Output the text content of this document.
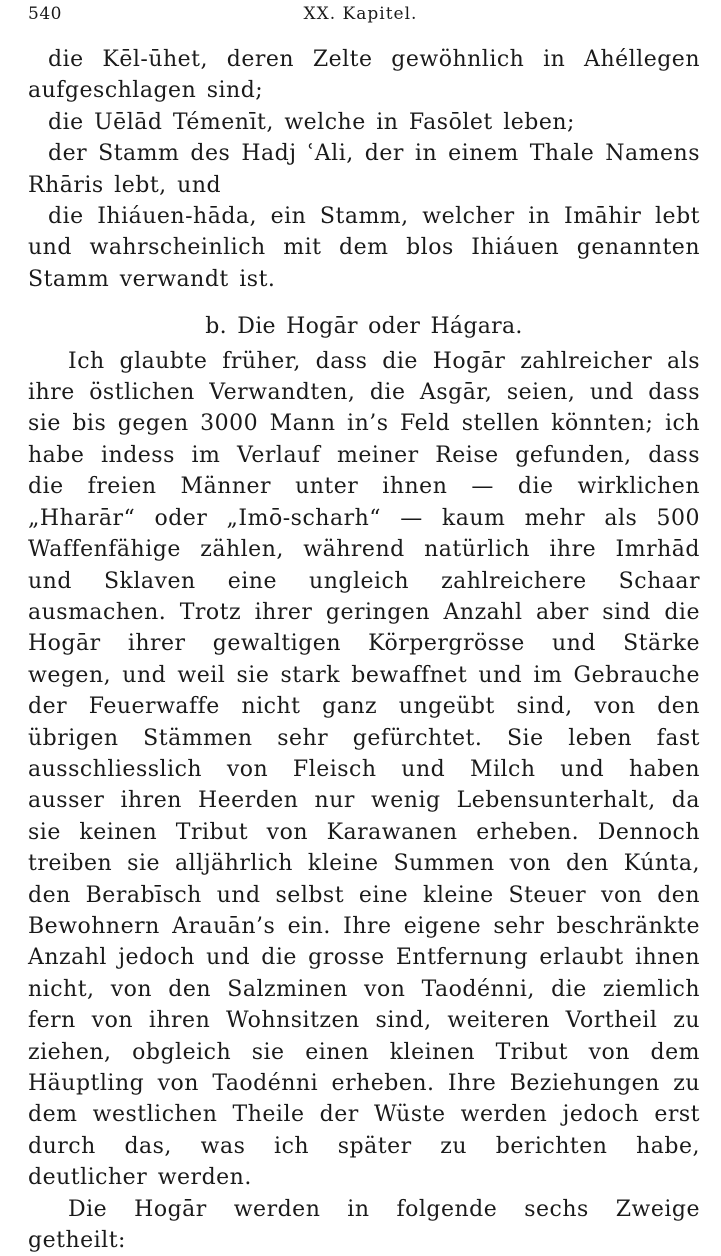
540	XX. Kapitel.

die Kēl-ūhet, deren Zelte gewöhnlich in Ahéllegen aufgeschlagen sind;

die Uēlād Témenīt, welche in Fasōlet leben;

der Stamm des Hadj ʿAli, der in einem Thale Namens Rhāris lebt, und

die Ihiáuen-hāda, ein Stamm, welcher in Imāhir lebt und wahrscheinlich mit dem blos Ihiáuen genannten Stamm verwandt ist.

b. Die Hogār oder Hágara.

Ich glaubte früher, dass die Hogār zahlreicher als ihre östlichen Verwandten, die Asgār, seien, und dass sie bis gegen 3000 Mann in’s Feld stellen könnten; ich habe indess im Verlauf meiner Reise gefunden, dass die freien Männer unter ihnen — die wirklichen „Hharār“ oder „Imō-scharh“ — kaum mehr als 500 Waffenfähige zählen, während natürlich ihre Imrhād und Sklaven eine ungleich zahlreichere Schaar ausmachen. Trotz ihrer geringen Anzahl aber sind die Hogār ihrer gewaltigen Körpergrösse und Stärke wegen, und weil sie stark bewaffnet und im Gebrauche der Feuerwaffe nicht ganz ungeübt sind, von den übrigen Stämmen sehr gefürchtet. Sie leben fast ausschliesslich von Fleisch und Milch und haben ausser ihren Heerden nur wenig Lebensunterhalt, da sie keinen Tribut von Karawanen erheben. Dennoch treiben sie alljährlich kleine Summen von den Kúnta, den Berabīsch und selbst eine kleine Steuer von den Bewohnern Arauān’s ein. Ihre eigene sehr beschränkte Anzahl jedoch und die grosse Entfernung erlaubt ihnen nicht, von den Salzminen von Taodénni, die ziemlich fern von ihren Wohnsitzen sind, weiteren Vortheil zu ziehen, obgleich sie einen kleinen Tribut von dem Häuptling von Taodénni erheben. Ihre Beziehungen zu dem westlichen Theile der Wüste werden jedoch erst durch das, was ich später zu berichten habe, deutlicher werden.

Die Hogār werden in folgende sechs Zweige getheilt:
